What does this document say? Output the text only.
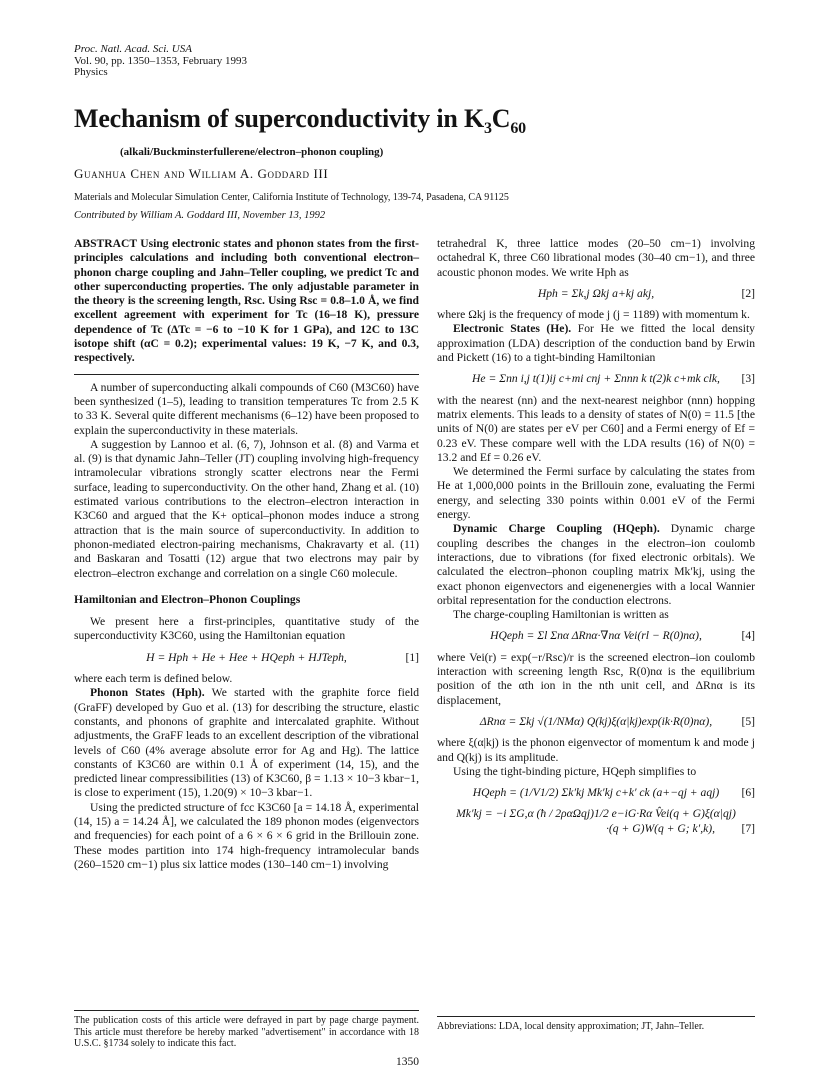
Proc. Natl. Acad. Sci. USA
Vol. 90, pp. 1350–1353, February 1993
Physics
Mechanism of superconductivity in $K_3C_{60}$
(alkali/Buckminsterfullerene/electron–phonon coupling)
Guanhua Chen and William A. Goddard III
Materials and Molecular Simulation Center, California Institute of Technology, 139-74, Pasadena, CA 91125
Contributed by William A. Goddard III, November 13, 1992

ABSTRACT Using electronic states and phonon states from the first-principles calculations and including both conventional electron–phonon charge coupling and Jahn–Teller coupling, we predict Tc and other superconducting properties. The only adjustable parameter in the theory is the screening length, Rsc. Using Rsc = 0.8–1.0 Å, we find excellent agreement with experiment for Tc (16–18 K), pressure dependence of Tc (ΔTc = −6 to −10 K for 1 GPa), and 12C to 13C isotope shift (αC = 0.2); experimental values: 19 K, −7 K, and 0.3, respectively.

A number of superconducting alkali compounds of C60 (M3C60) have been synthesized (1–5), leading to transition temperatures Tc from 2.5 K to 33 K. Several quite different mechanisms (6–12) have been proposed to explain the superconductivity in these materials.

A suggestion by Lannoo et al. (6, 7), Johnson et al. (8) and Varma et al. (9) is that dynamic Jahn–Teller (JT) coupling involving high-frequency intramolecular vibrations strongly scatter electrons near the Fermi surface, leading to superconductivity. On the other hand, Zhang et al. (10) estimated various contributions to the electron–electron interaction in K3C60 and argued that the K+ optical–phonon modes induce a strong attraction that is the main source of superconductivity. In addition to phonon-mediated electron-pairing mechanisms, Chakravarty et al. (11) and Baskaran and Tosatti (12) argue that two electrons may pair by electron–electron exchange and correlation on a single C60 molecule.

Hamiltonian and Electron–Phonon Couplings

We present here a first-principles, quantitative study of the superconductivity K3C60, using the Hamiltonian equation

H = Hph + He + Hee + HQeph + HJTeph,	[1]

where each term is defined below.

Phonon States (Hph). We started with the graphite force field (GraFF) developed by Guo et al. (13) for describing the structure, elastic constants, and phonons of graphite and intercalated graphite. Without adjustments, the GraFF leads to an excellent description of the vibrational levels of C60 (4% average absolute error for Ag and Hg). The lattice constants of K3C60 are within 0.1 Å of experiment (14, 15), and the predicted linear compressibilities (13) of K3C60, β = 1.13 × 10−3 kbar−1, is close to experiment (15), 1.20(9) × 10−3 kbar−1.

Using the predicted structure of fcc K3C60 [a = 14.18 Å, experimental (14, 15) a = 14.24 Å], we calculated the 189 phonon modes (eigenvectors and frequencies) for each point of a 6 × 6 × 6 grid in the Brillouin zone. These modes partition into 174 high-frequency intramolecular bands (260–1520 cm−1) plus six lattice modes (130–140 cm−1) involving

tetrahedral K, three lattice modes (20–50 cm−1) involving octahedral K, three C60 librational modes (30–40 cm−1), and three acoustic phonon modes. We write Hph as

Hph = Σk,j Ωkj a+kj akj,	[2]

where Ωkj is the frequency of mode j (j = 1189) with momentum k.

Electronic States (He). For He we fitted the local density approximation (LDA) description of the conduction band by Erwin and Pickett (16) to a tight-binding Hamiltonian

He = Σnn i,j t(1)ij c+mi cnj + Σnnn k t(2)k c+mk clk, [3]

with the nearest (nn) and the next-nearest neighbor (nnn) hopping matrix elements. This leads to a density of states of N(0) = 11.5 [the units of N(0) are states per eV per C60] and a Fermi energy of Ef = 0.23 eV. These compare well with the LDA results (16) of N(0) = 13.2 and Ef = 0.26 eV.

We determined the Fermi surface by calculating the states from He at 1,000,000 points in the Brillouin zone, evaluating the Fermi energy, and selecting 330 points within 0.001 eV of the Fermi energy.

Dynamic Charge Coupling (HQeph). Dynamic charge coupling describes the changes in the electron–ion coulomb interactions, due to vibrations (for fixed electronic orbitals). We calculated the electron–phonon coupling matrix Mk′kj, using the exact phonon eigenvectors and eigenenergies with a local Wannier orbital representation for the conduction electrons.

The charge-coupling Hamiltonian is written as

HQeph = Σl Σnα ΔRnα·∇nα Vei(rl − R(0)nα),	[4]

where Vei(r) = exp(−r/Rsc)/r is the screened electron–ion coulomb interaction with screening length Rsc, R(0)nα is the equilibrium position of the αth ion in the nth unit cell, and ΔRnα is its displacement,

ΔRnα = Σkj √(1/NMα) Q(kj)ξ(α|kj)exp(ik·R(0)nα),	[5]

where ξ(α|kj) is the phonon eigenvector of momentum k and mode j and Q(kj) is its amplitude.

Using the tight-binding picture, HQeph simplifies to

HQeph = (1/V1/2) Σk′kj Mk′kj c+k′ ck (a+−qj + aqj) [6]
Mk′kj = −i ΣG,α (ħ / 2ραΩqj)1/2 e−iG·Rα V̂ei(q + G)ξ(α|qj)
·(q + G)W(q + G; k′,k), [7]
The publication costs of this article were defrayed in part by page charge payment. This article must therefore be hereby marked "advertisement" in accordance with 18 U.S.C. §1734 solely to indicate this fact.
Abbreviations: LDA, local density approximation; JT, Jahn–Teller.
1350
